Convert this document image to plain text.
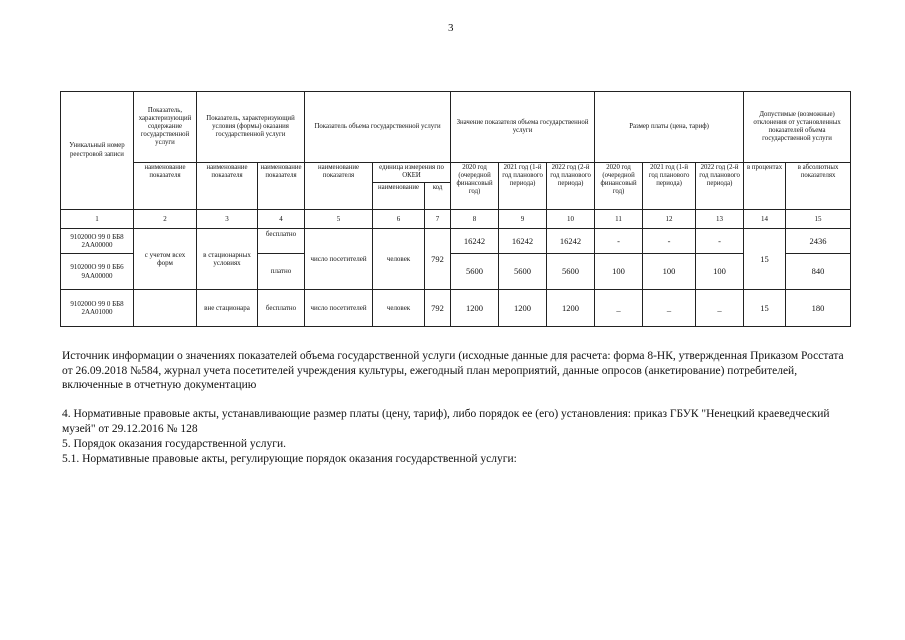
3
Уникальный номер реестровой записи	Показатель, характеризующий содержание государственной услуги	Показатель, характеризующий условия (формы) оказания государственной услуги		Показатель объема государственной услуги			Значение показателя объема государственной услуги			Размер платы (цена, тариф)			Допустимые (возможные) отклонения от установленных показателей объема государственной услуги	
	наименование показателя	наименование показателя	наименование показателя	наименование показателя	единица измерения по ОКЕИ		2020 год (очередной финансовый год)	2021 год (1-й год планового периода)	2022 год (2-й год планового периода)	2020 год (очередной финансовый год)	2021 год (1-й год планового периода)	2022 год (2-й год планового периода)	в процентах	в абсолютных показателях
					наименование	код								
1	2	3	4	5	6	7	8	9	10	11	12	13	14	15
910200О 99 0 ББ8 2АА00000	с учетом всех форм	в стационарных условиях	бесплатно	число посетителей	человек	792	16242	16242	16242	-	-	-	15	2436
910200О 99 0 ББ6 9АА00000			платно				5600	5600	5600	100	100	100		840
910200О 99 0 ББ8 2АА01000		вне стационара	бесплатно	число посетителей	человек	792	1200	1200	1200	_	_	_	15	180
Источник информации о значениях показателей объема государственной услуги (исходные данные для расчета: форма 8-НК, утвержденная Приказом Росстата от 26.09.2018 №584, журнал учета посетителей учреждения культуры, ежегодный план мероприятий, данные опросов (анкетирование) потребителей, включенные в отчетную документацию
4. Нормативные правовые акты, устанавливающие размер платы (цену, тариф), либо порядок ее (его) установления: приказ ГБУК "Ненецкий краеведческий музей" от 29.12.2016 № 128
5. Порядок оказания государственной услуги.
5.1. Нормативные правовые акты, регулирующие порядок оказания государственной услуги:
